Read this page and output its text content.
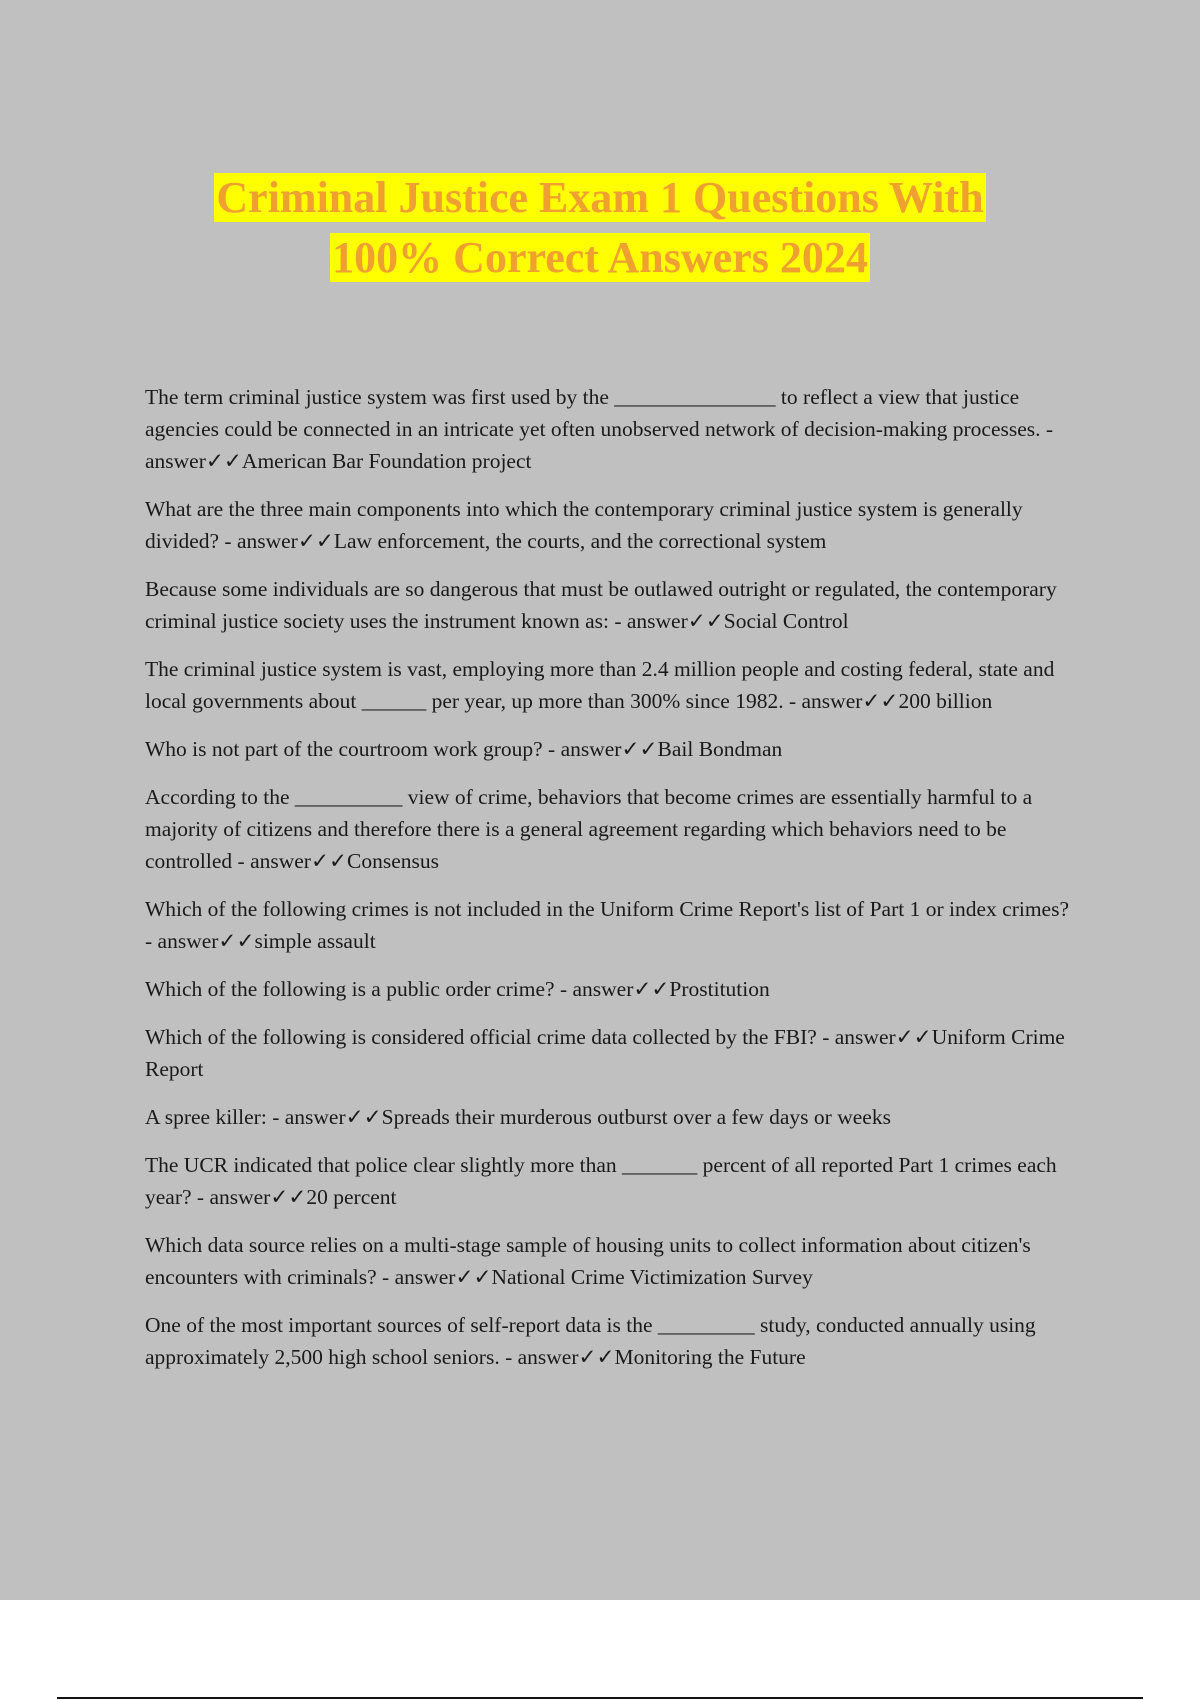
Criminal Justice Exam 1 Questions With
100% Correct Answers 2024

The term criminal justice system was first used by the _______________ to reflect a view that justice agencies could be connected in an intricate yet often unobserved network of decision-making processes. - answer✓✓American Bar Foundation project

What are the three main components into which the contemporary criminal justice system is generally divided? - answer✓✓Law enforcement, the courts, and the correctional system

Because some individuals are so dangerous that must be outlawed outright or regulated, the contemporary criminal justice society uses the instrument known as: - answer✓✓Social Control

The criminal justice system is vast, employing more than 2.4 million people and costing federal, state and local governments about ______ per year, up more than 300% since 1982. - answer✓✓200 billion

Who is not part of the courtroom work group? - answer✓✓Bail Bondman

According to the __________ view of crime, behaviors that become crimes are essentially harmful to a majority of citizens and therefore there is a general agreement regarding which behaviors need to be controlled - answer✓✓Consensus

Which of the following crimes is not included in the Uniform Crime Report's list of Part 1 or index crimes? - answer✓✓simple assault

Which of the following is a public order crime? - answer✓✓Prostitution

Which of the following is considered official crime data collected by the FBI? - answer✓✓Uniform Crime Report

A spree killer: - answer✓✓Spreads their murderous outburst over a few days or weeks

The UCR indicated that police clear slightly more than _______ percent of all reported Part 1 crimes each year? - answer✓✓20 percent

Which data source relies on a multi-stage sample of housing units to collect information about citizen's encounters with criminals? - answer✓✓National Crime Victimization Survey

One of the most important sources of self-report data is the _________ study, conducted annually using approximately 2,500 high school seniors. - answer✓✓Monitoring the Future
